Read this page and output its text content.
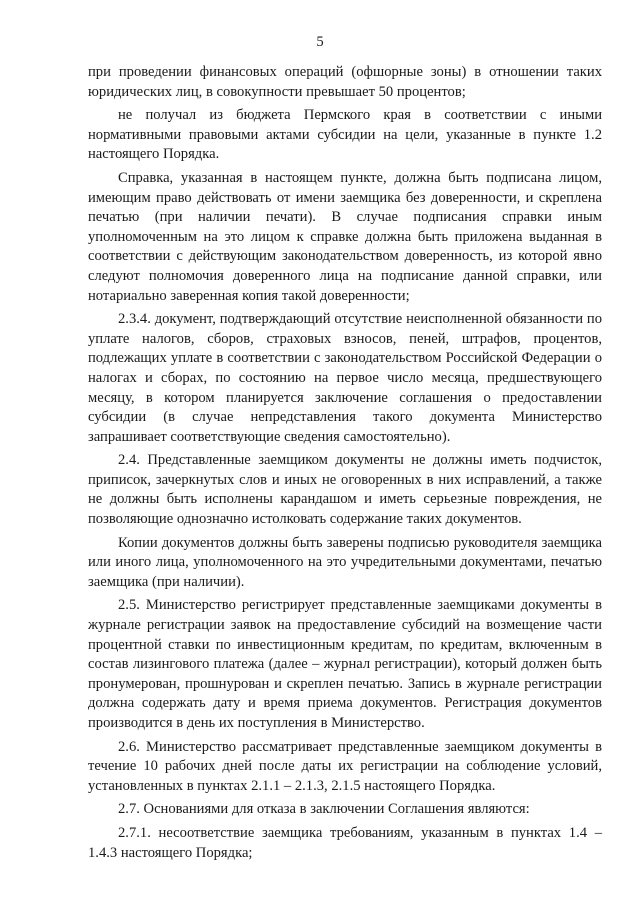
5

при проведении финансовых операций (офшорные зоны) в отношении таких юридических лиц, в совокупности превышает 50 процентов;

не получал из бюджета Пермского края в соответствии с иными нормативными правовыми актами субсидии на цели, указанные в пункте 1.2 настоящего Порядка.

Справка, указанная в настоящем пункте, должна быть подписана лицом, имеющим право действовать от имени заемщика без доверенности, и скреплена печатью (при наличии печати). В случае подписания справки иным уполномоченным на это лицом к справке должна быть приложена выданная в соответствии с действующим законодательством доверенность, из которой явно следуют полномочия доверенного лица на подписание данной справки, или нотариально заверенная копия такой доверенности;

2.3.4. документ, подтверждающий отсутствие неисполненной обязанности по уплате налогов, сборов, страховых взносов, пеней, штрафов, процентов, подлежащих уплате в соответствии с законодательством Российской Федерации о налогах и сборах, по состоянию на первое число месяца, предшествующего месяцу, в котором планируется заключение соглашения о предоставлении субсидии (в случае непредставления такого документа Министерство запрашивает соответствующие сведения самостоятельно).

2.4. Представленные заемщиком документы не должны иметь подчисток, приписок, зачеркнутых слов и иных не оговоренных в них исправлений, а также не должны быть исполнены карандашом и иметь серьезные повреждения, не позволяющие однозначно истолковать содержание таких документов.

Копии документов должны быть заверены подписью руководителя заемщика или иного лица, уполномоченного на это учредительными документами, печатью заемщика (при наличии).

2.5. Министерство регистрирует представленные заемщиками документы в журнале регистрации заявок на предоставление субсидий на возмещение части процентной ставки по инвестиционным кредитам, по кредитам, включенным в состав лизингового платежа (далее – журнал регистрации), который должен быть пронумерован, прошнурован и скреплен печатью. Запись в журнале регистрации должна содержать дату и время приема документов. Регистрация документов производится в день их поступления в Министерство.

2.6. Министерство рассматривает представленные заемщиком документы в течение 10 рабочих дней после даты их регистрации на соблюдение условий, установленных в пунктах 2.1.1 – 2.1.3, 2.1.5 настоящего Порядка.

2.7. Основаниями для отказа в заключении Соглашения являются:

2.7.1. несоответствие заемщика требованиям, указанным в пунктах 1.4 – 1.4.3 настоящего Порядка;
